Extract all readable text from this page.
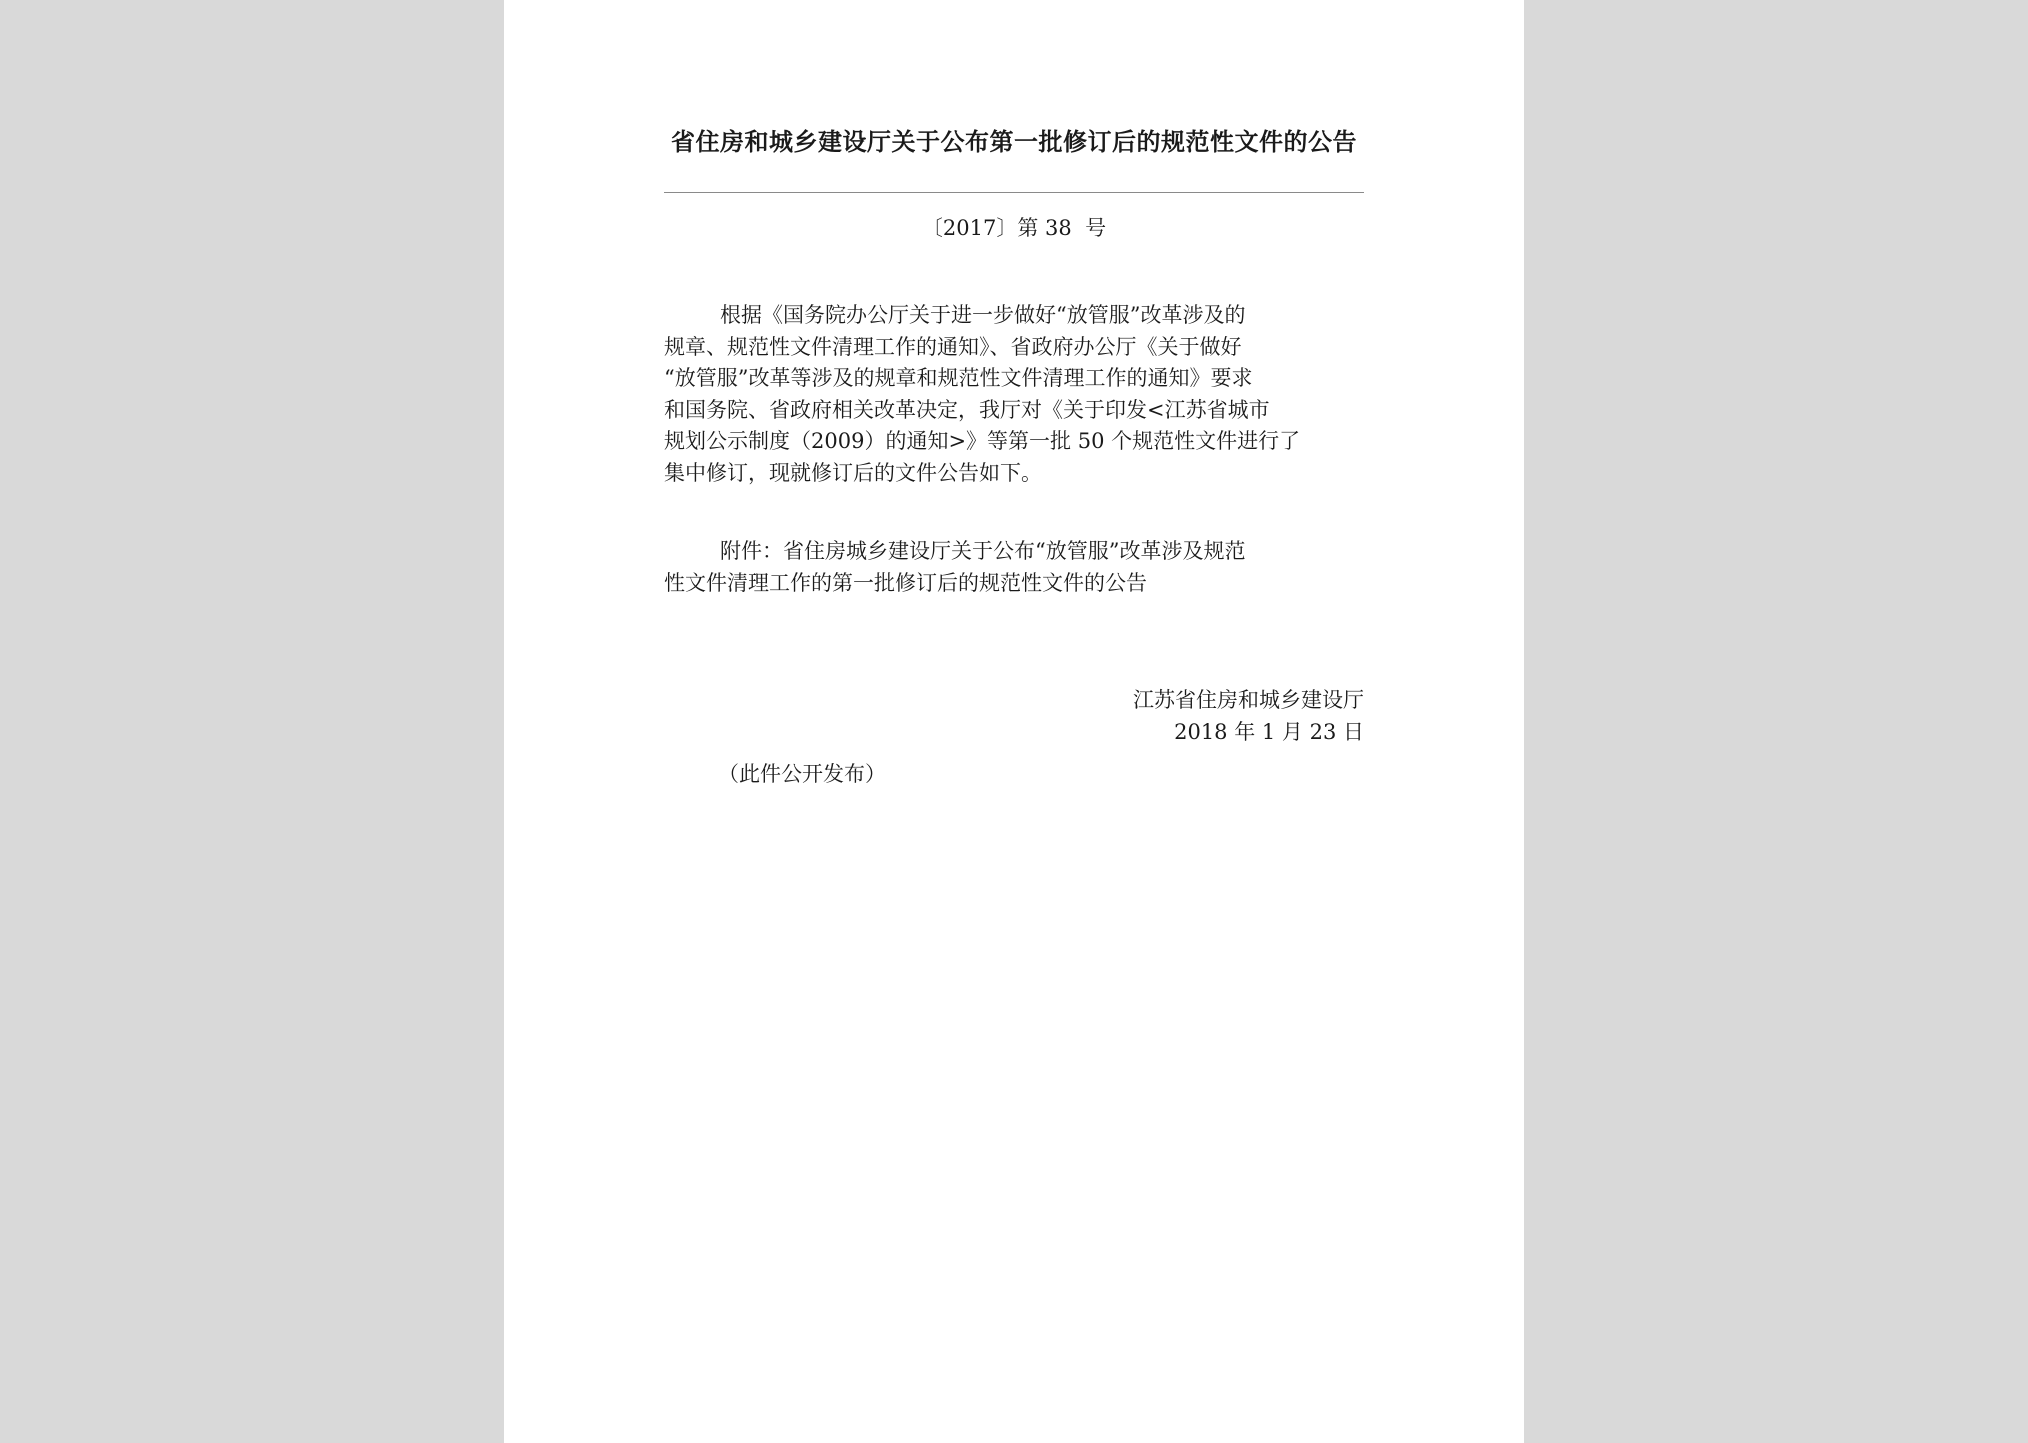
省住房和城乡建设厅关于公布第一批修订后的规范性文件的公告
〔2017〕第 38  号
根据《国务院办公厅关于进一步做好“放管服”改革涉及的
规章、规范性文件清理工作的通知》、省政府办公厅《关于做好
“放管服”改革等涉及的规章和规范性文件清理工作的通知》要求
和国务院、省政府相关改革决定，我厅对《关于印发<江苏省城市
规划公示制度（2009）的通知>》等第一批 50 个规范性文件进行了
集中修订，现就修订后的文件公告如下。
附件：省住房城乡建设厅关于公布“放管服”改革涉及规范
性文件清理工作的第一批修订后的规范性文件的公告
江苏省住房和城乡建设厅
2018 年 1 月 23 日
（此件公开发布）
